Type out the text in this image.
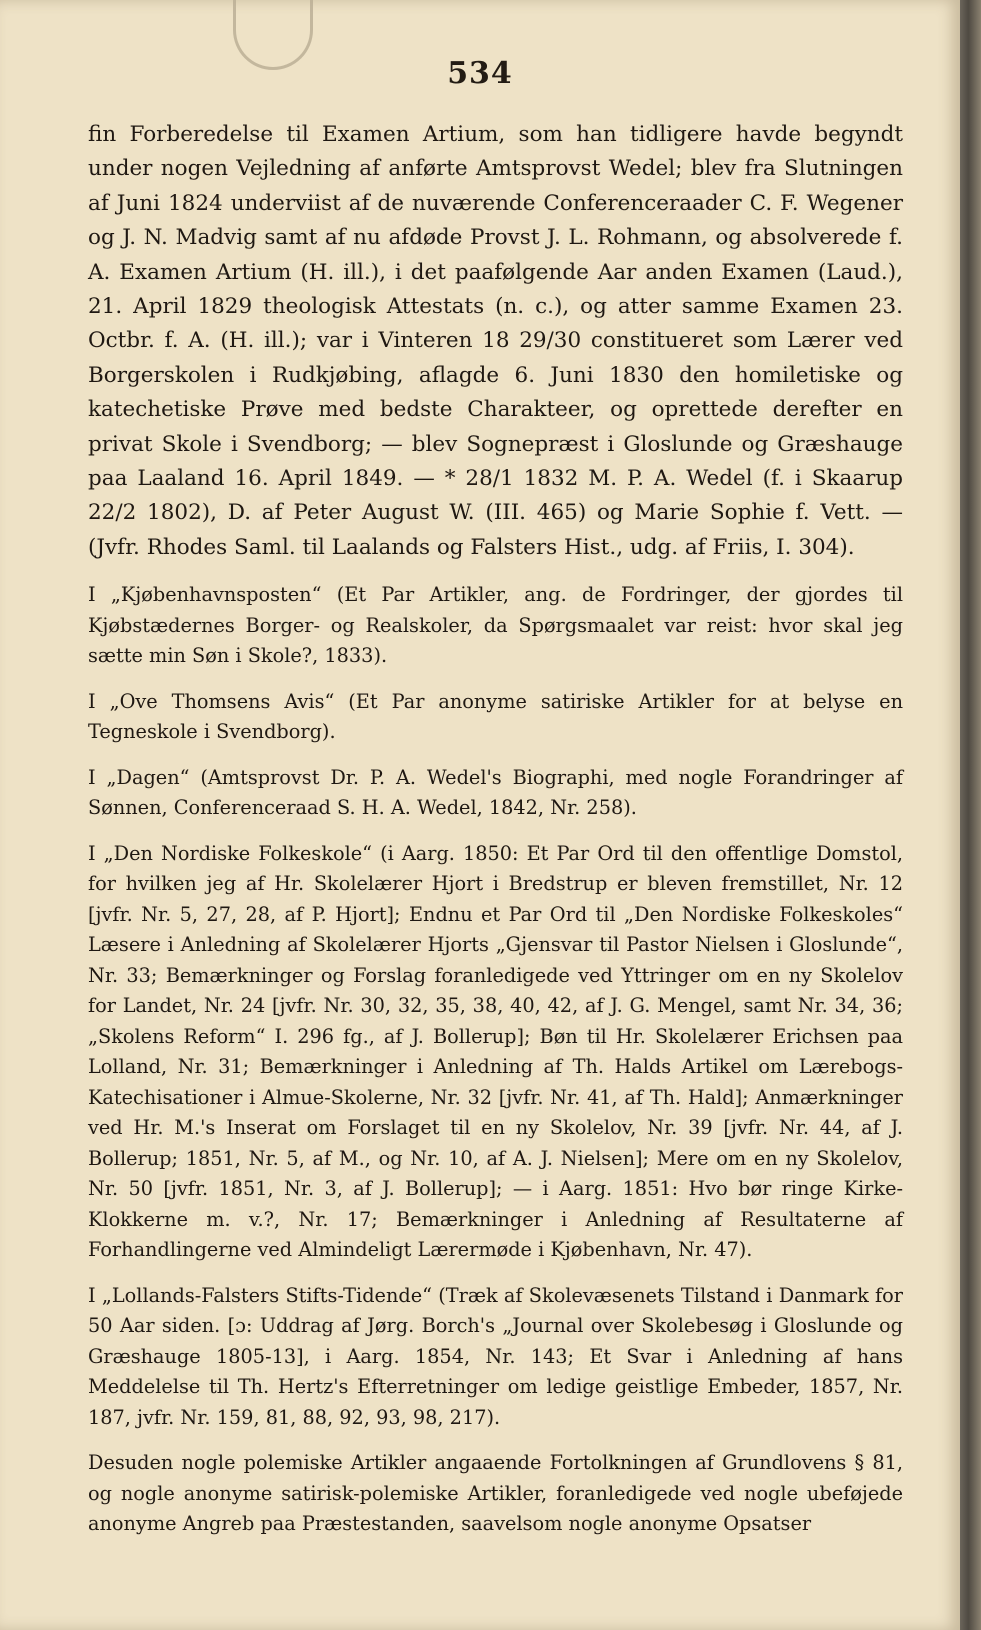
534

fin Forberedelse til Examen Artium, som han tidligere havde begyndt under nogen Vejledning af anførte Amtsprovst Wedel; blev fra Slutningen af Juni 1824 underviist af de nuværende Conferenceraader C. F. Wegener og J. N. Madvig samt af nu afdøde Provst J. L. Rohmann, og absolverede f. A. Examen Artium (H. ill.), i det paafølgende Aar anden Examen (Laud.), 21. April 1829 theologisk Attestats (n. c.), og atter samme Examen 23. Octbr. f. A. (H. ill.); var i Vinteren 18 29/30 constitueret som Lærer ved Borgerskolen i Rudkjøbing, aflagde 6. Juni 1830 den homiletiske og katechetiske Prøve med bedste Charakteer, og oprettede derefter en privat Skole i Svendborg; — blev Sognepræst i Gloslunde og Græshauge paa Laaland 16. April 1849. — * 28/1 1832 M. P. A. Wedel (f. i Skaarup 22/2 1802), D. af Peter August W. (III. 465) og Marie Sophie f. Vett. — (Jvfr. Rhodes Saml. til Laalands og Falsters Hist., udg. af Friis, I. 304).

I „Kjøbenhavnsposten“ (Et Par Artikler, ang. de Fordringer, der gjordes til Kjøbstædernes Borger- og Realskoler, da Spørgsmaalet var reist: hvor skal jeg sætte min Søn i Skole?, 1833).

I „Ove Thomsens Avis“ (Et Par anonyme satiriske Artikler for at belyse en Tegneskole i Svendborg).

I „Dagen“ (Amtsprovst Dr. P. A. Wedel's Biographi, med nogle Forandringer af Sønnen, Conferenceraad S. H. A. Wedel, 1842, Nr. 258).

I „Den Nordiske Folkeskole“ (i Aarg. 1850: Et Par Ord til den offentlige Domstol, for hvilken jeg af Hr. Skolelærer Hjort i Bredstrup er bleven fremstillet, Nr. 12 [jvfr. Nr. 5, 27, 28, af P. Hjort]; Endnu et Par Ord til „Den Nordiske Folkeskoles“ Læsere i Anledning af Skolelærer Hjorts „Gjensvar til Pastor Nielsen i Gloslunde“, Nr. 33; Bemærkninger og Forslag foranledigede ved Yttringer om en ny Skolelov for Landet, Nr. 24 [jvfr. Nr. 30, 32, 35, 38, 40, 42, af J. G. Mengel, samt Nr. 34, 36; „Skolens Reform“ I. 296 fg., af J. Bollerup]; Bøn til Hr. Skolelærer Erichsen paa Lolland, Nr. 31; Bemærkninger i Anledning af Th. Halds Artikel om Lærebogs-Katechisationer i Almue-Skolerne, Nr. 32 [jvfr. Nr. 41, af Th. Hald]; Anmærkninger ved Hr. M.'s Inserat om Forslaget til en ny Skolelov, Nr. 39 [jvfr. Nr. 44, af J. Bollerup; 1851, Nr. 5, af M., og Nr. 10, af A. J. Nielsen]; Mere om en ny Skolelov, Nr. 50 [jvfr. 1851, Nr. 3, af J. Bollerup]; — i Aarg. 1851: Hvo bør ringe Kirke-Klokkerne m. v.?, Nr. 17; Bemærkninger i Anledning af Resultaterne af Forhandlingerne ved Almindeligt Lærermøde i Kjøbenhavn, Nr. 47).

I „Lollands-Falsters Stifts-Tidende“ (Træk af Skolevæsenets Tilstand i Danmark for 50 Aar siden. [ɔ: Uddrag af Jørg. Borch's „Journal over Skolebesøg i Gloslunde og Græshauge 1805-13], i Aarg. 1854, Nr. 143; Et Svar i Anledning af hans Meddelelse til Th. Hertz's Efterretninger om ledige geistlige Embeder, 1857, Nr. 187, jvfr. Nr. 159, 81, 88, 92, 93, 98, 217).

Desuden nogle polemiske Artikler angaaende Fortolkningen af Grundlovens § 81, og nogle anonyme satirisk-polemiske Artikler, foranledigede ved nogle ubeføjede anonyme Angreb paa Præstestanden, saavelsom nogle anonyme Opsatser
